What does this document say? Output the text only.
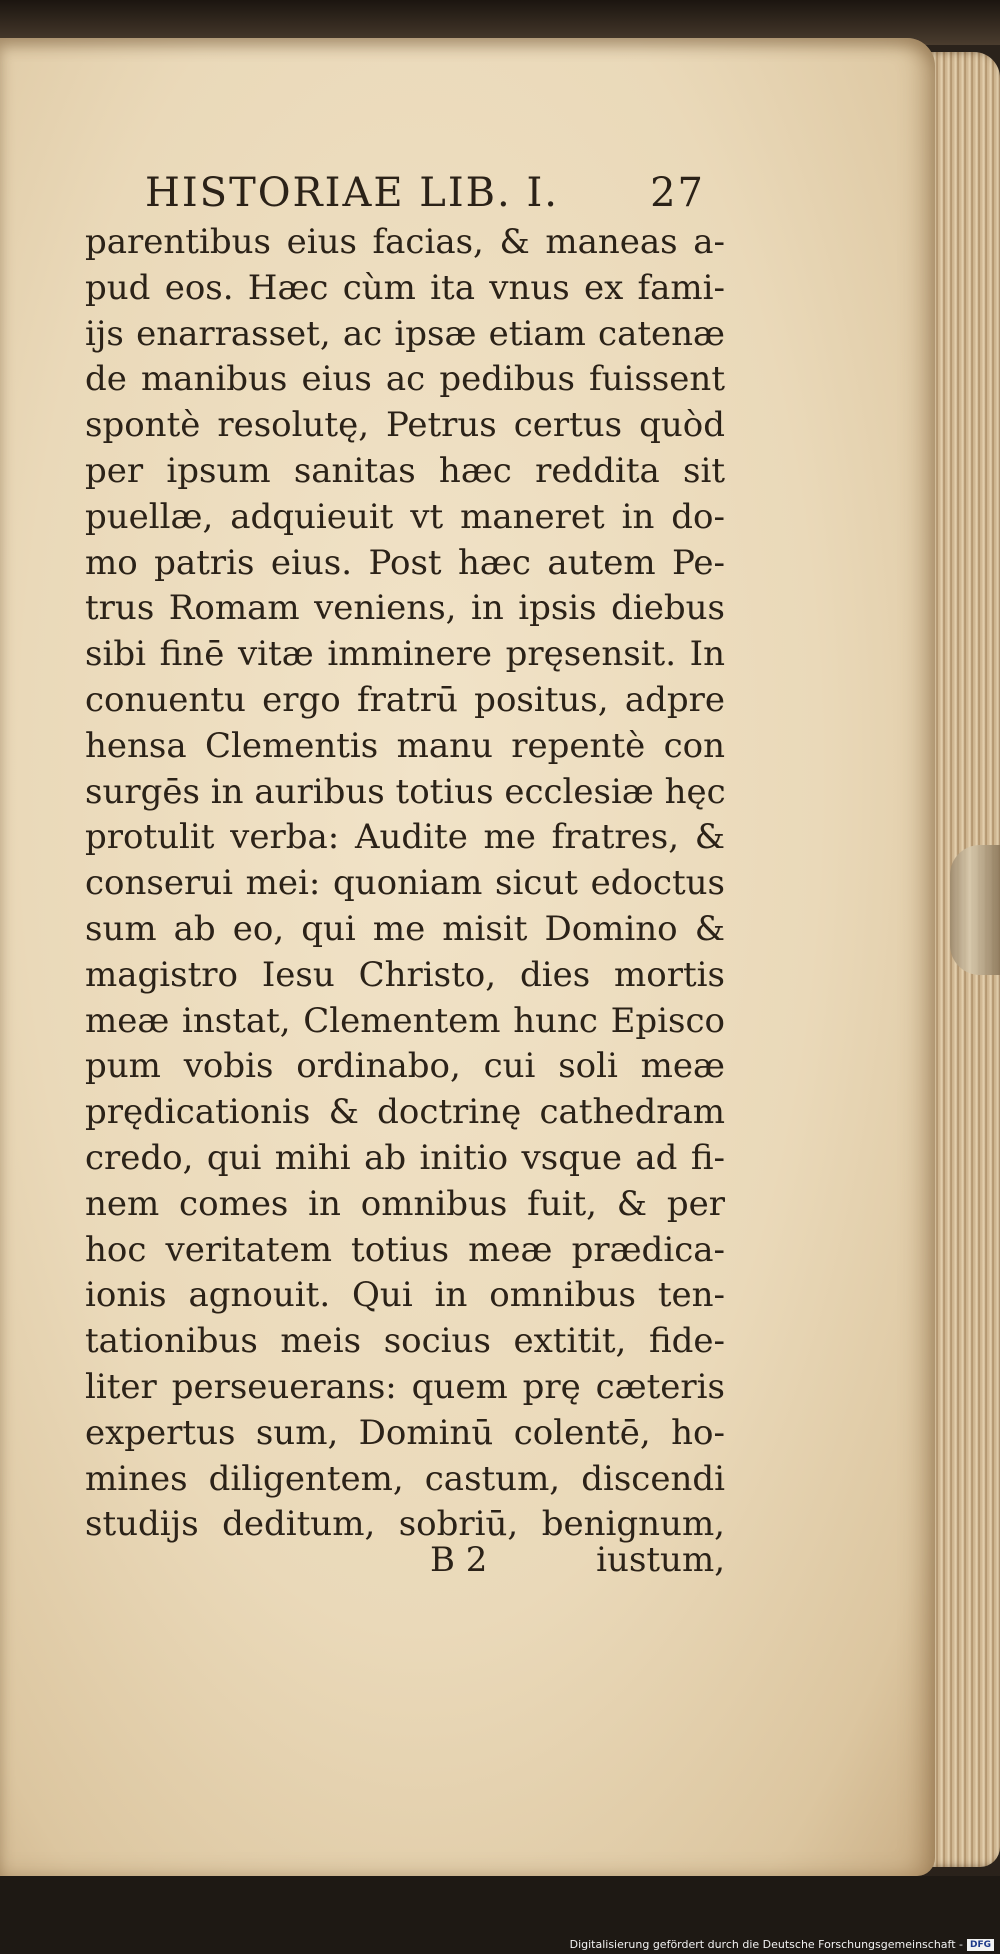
HISTORIAE LIB. I. 27
parentibus eius facias, & maneas a-
pud eos. Hæc cùm ita vnus ex fami-
ijs enarrasset, ac ipsæ etiam catenæ
de manibus eius ac pedibus fuissent
spontè resolutę, Petrus certus quòd
per ipsum sanitas hæc reddita sit
puellæ, adquieuit vt maneret in do-
mo patris eius. Post hæc autem Pe-
trus Romam veniens, in ipsis diebus
sibi finē vitæ imminere pręsensit. In
conuentu ergo fratrū positus, adpre
hensa Clementis manu repentè con
surgēs in auribus totius ecclesiæ hęc
protulit verba: Audite me fratres, &
conserui mei: quoniam sicut edoctus
sum ab eo, qui me misit Domino &
magistro Iesu Christo, dies mortis
meæ instat, Clementem hunc Episco
pum vobis ordinabo, cui soli meæ
prędicationis & doctrinę cathedram
credo, qui mihi ab initio vsque ad fi-
nem comes in omnibus fuit, & per
hoc veritatem totius meæ prædica-
ionis agnouit. Qui in omnibus ten-
tationibus meis socius extitit, fide-
liter perseuerans: quem prę cæteris
expertus sum, Dominū colentē, ho-
mines diligentem, castum, discendi
studijs deditum, sobriū, benignum,
B 2	iustum,
Digitalisierung gefördert durch die Deutsche Forschungsgemeinschaft - DFG
